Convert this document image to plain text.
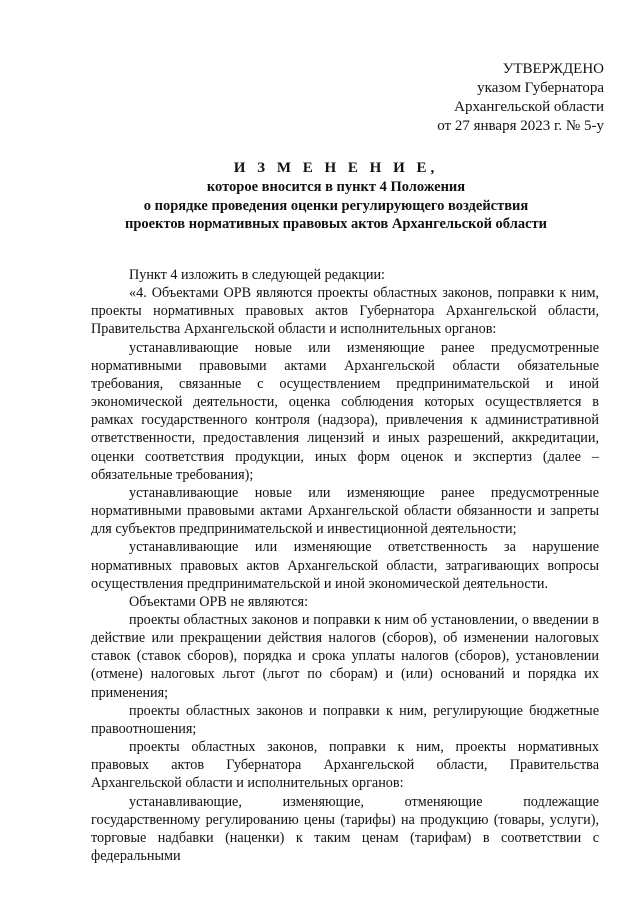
УТВЕРЖДЕНО
указом Губернатора
Архангельской области
от 27 января 2023 г. № 5-у
И З М Е Н Е Н И Е,
которое вносится в пункт 4 Положения
о порядке проведения оценки регулирующего воздействия
проектов нормативных правовых актов Архангельской области

Пункт 4 изложить в следующей редакции:

«4. Объектами ОРВ являются проекты областных законов, поправки к ним, проекты нормативных правовых актов Губернатора Архангельской области, Правительства Архангельской области и исполнительных органов:

устанавливающие новые или изменяющие ранее предусмотренные нормативными правовыми актами Архангельской области обязательные требования, связанные с осуществлением предпринимательской и иной экономической деятельности, оценка соблюдения которых осуществляется в рамках государственного контроля (надзора), привлечения к административной ответственности, предоставления лицензий и иных разрешений, аккредитации, оценки соответствия продукции, иных форм оценок и экспертиз (далее – обязательные требования);

устанавливающие новые или изменяющие ранее предусмотренные нормативными правовыми актами Архангельской области обязанности и запреты для субъектов предпринимательской и инвестиционной деятельности;

устанавливающие или изменяющие ответственность за нарушение нормативных правовых актов Архангельской области, затрагивающих вопросы осуществления предпринимательской и иной экономической деятельности.

Объектами ОРВ не являются:

проекты областных законов и поправки к ним об установлении, о введении в действие или прекращении действия налогов (сборов), об изменении налоговых ставок (ставок сборов), порядка и срока уплаты налогов (сборов), установлении (отмене) налоговых льгот (льгот по сборам) и (или) оснований и порядка их применения;

проекты областных законов и поправки к ним, регулирующие бюджетные правоотношения;

проекты областных законов, поправки к ним, проекты нормативных правовых актов Губернатора Архангельской области, Правительства Архангельской области и исполнительных органов:

устанавливающие, изменяющие, отменяющие подлежащие государственному регулированию цены (тарифы) на продукцию (товары, услуги), торговые надбавки (наценки) к таким ценам (тарифам) в соответствии с федеральными
